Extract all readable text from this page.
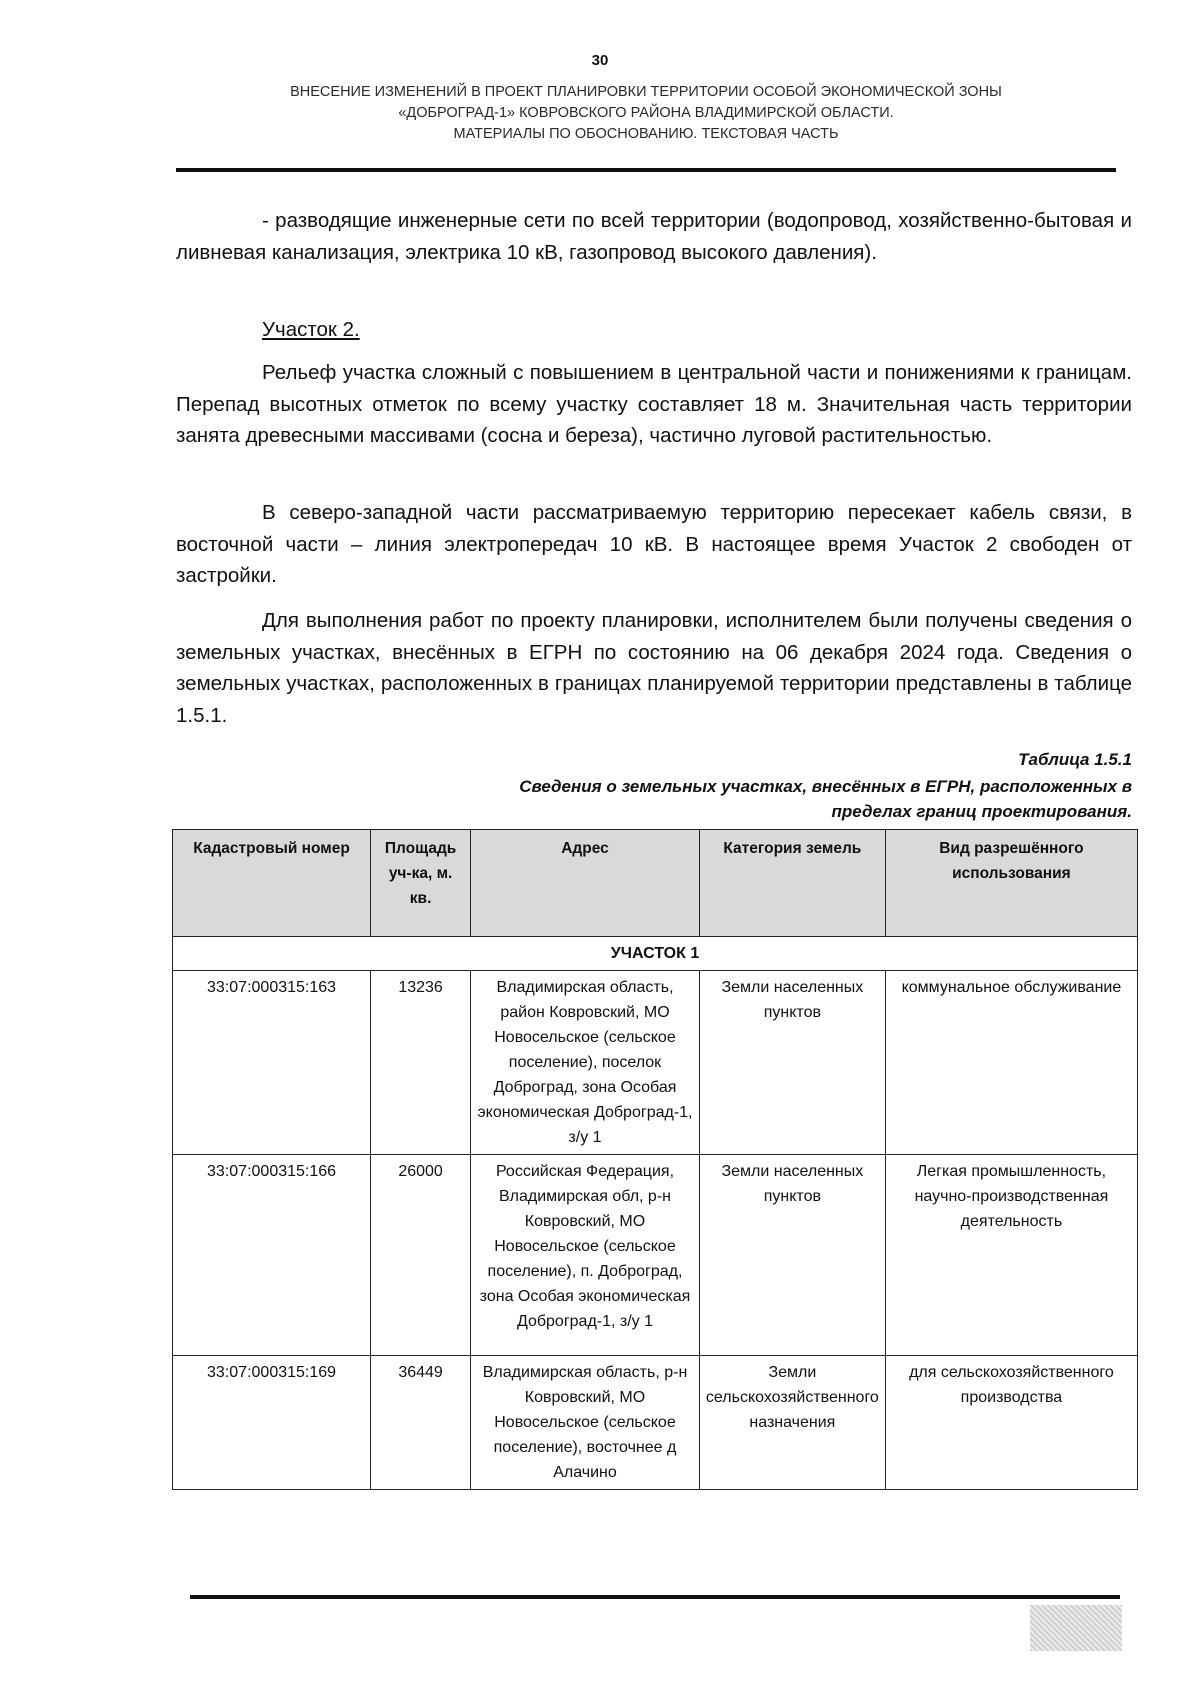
30
ВНЕСЕНИЕ ИЗМЕНЕНИЙ В ПРОЕКТ ПЛАНИРОВКИ ТЕРРИТОРИИ ОСОБОЙ ЭКОНОМИЧЕСКОЙ ЗОНЫ
«ДОБРОГРАД-1» КОВРОВСКОГО РАЙОНА ВЛАДИМИРСКОЙ ОБЛАСТИ.
МАТЕРИАЛЫ ПО ОБОСНОВАНИЮ. ТЕКСТОВАЯ ЧАСТЬ

- разводящие инженерные сети по всей территории (водопровод, хозяйственно-бытовая и ливневая канализация, электрика 10 кВ, газопровод высокого давления).

Участок 2.

Рельеф участка сложный с повышением в центральной части и понижениями к границам. Перепад высотных отметок по всему участку составляет 18 м. Значительная часть территории занята древесными массивами (сосна и береза), частично луговой растительностью.

В северо-западной части рассматриваемую территорию пересекает кабель связи, в восточной части – линия электропередач 10 кВ. В настоящее время Участок 2 свободен от застройки.

Для выполнения работ по проекту планировки, исполнителем были получены сведения о земельных участках, внесённых в ЕГРН по состоянию на 06 декабря 2024 года. Сведения о земельных участках, расположенных в границах планируемой территории представлены в таблице 1.5.1.

Таблица 1.5.1
Сведения о земельных участках, внесённых в ЕГРН, расположенных в пределах границ проектирования.
Кадастровый номер	Площадь уч-ка, м. кв.	Адрес	Категория земель	Вид разрешённого использования
УЧАСТОК 1				
33:07:000315:163	13236	Владимирская область, район Ковровский, МО Новосельское (сельское поселение), поселок Доброград, зона Особая экономическая Доброград-1, з/у 1	Земли населенных пунктов	коммунальное обслуживание
33:07:000315:166	26000	Российская Федерация, Владимирская обл, р-н Ковровский, МО Новосельское (сельское поселение), п. Доброград, зона Особая экономическая Доброград-1, з/у 1	Земли населенных пунктов	Легкая промышленность, научно-производственная деятельность
33:07:000315:169	36449	Владимирская область, р-н Ковровский, МО Новосельское (сельское поселение), восточнее д Алачино	Земли сельскохозяйственного назначения	для сельскохозяйственного производства
